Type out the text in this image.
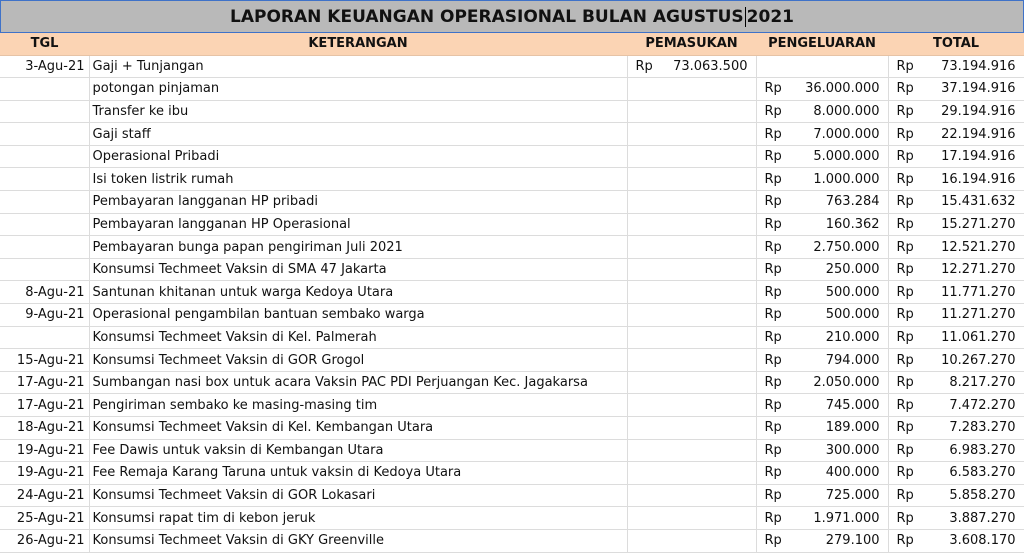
LAPORAN KEUANGAN OPERASIONAL BULAN AGUSTUS 2021
TGL	KETERANGAN	PEMASUKAN		PENGELUARAN		TOTAL	
3-Agu-21	Gaji + Tunjangan	Rp	73.063.500			Rp	73.194.916
	potongan pinjaman			Rp	36.000.000	Rp	37.194.916
	Transfer ke ibu			Rp	8.000.000	Rp	29.194.916
	Gaji staff			Rp	7.000.000	Rp	22.194.916
	Operasional Pribadi			Rp	5.000.000	Rp	17.194.916
	Isi token listrik rumah			Rp	1.000.000	Rp	16.194.916
	Pembayaran langganan HP pribadi			Rp	763.284	Rp	15.431.632
	Pembayaran langganan HP Operasional			Rp	160.362	Rp	15.271.270
	Pembayaran bunga papan pengiriman Juli 2021			Rp	2.750.000	Rp	12.521.270
	Konsumsi Techmeet Vaksin di SMA 47 Jakarta			Rp	250.000	Rp	12.271.270
8-Agu-21	Santunan khitanan untuk warga Kedoya Utara			Rp	500.000	Rp	11.771.270
9-Agu-21	Operasional pengambilan bantuan sembako warga			Rp	500.000	Rp	11.271.270
	Konsumsi Techmeet Vaksin di Kel. Palmerah			Rp	210.000	Rp	11.061.270
15-Agu-21	Konsumsi Techmeet Vaksin di GOR Grogol			Rp	794.000	Rp	10.267.270
17-Agu-21	Sumbangan nasi box untuk acara Vaksin PAC PDI Perjuangan Kec. Jagakarsa			Rp	2.050.000	Rp	8.217.270
17-Agu-21	Pengiriman sembako ke masing-masing tim			Rp	745.000	Rp	7.472.270
18-Agu-21	Konsumsi Techmeet Vaksin di Kel. Kembangan Utara			Rp	189.000	Rp	7.283.270
19-Agu-21	Fee Dawis untuk vaksin di Kembangan Utara			Rp	300.000	Rp	6.983.270
19-Agu-21	Fee Remaja Karang Taruna untuk vaksin di Kedoya Utara			Rp	400.000	Rp	6.583.270
24-Agu-21	Konsumsi Techmeet Vaksin di GOR Lokasari			Rp	725.000	Rp	5.858.270
25-Agu-21	Konsumsi rapat tim di kebon jeruk			Rp	1.971.000	Rp	3.887.270
26-Agu-21	Konsumsi Techmeet Vaksin di GKY Greenville			Rp	279.100	Rp	3.608.170
